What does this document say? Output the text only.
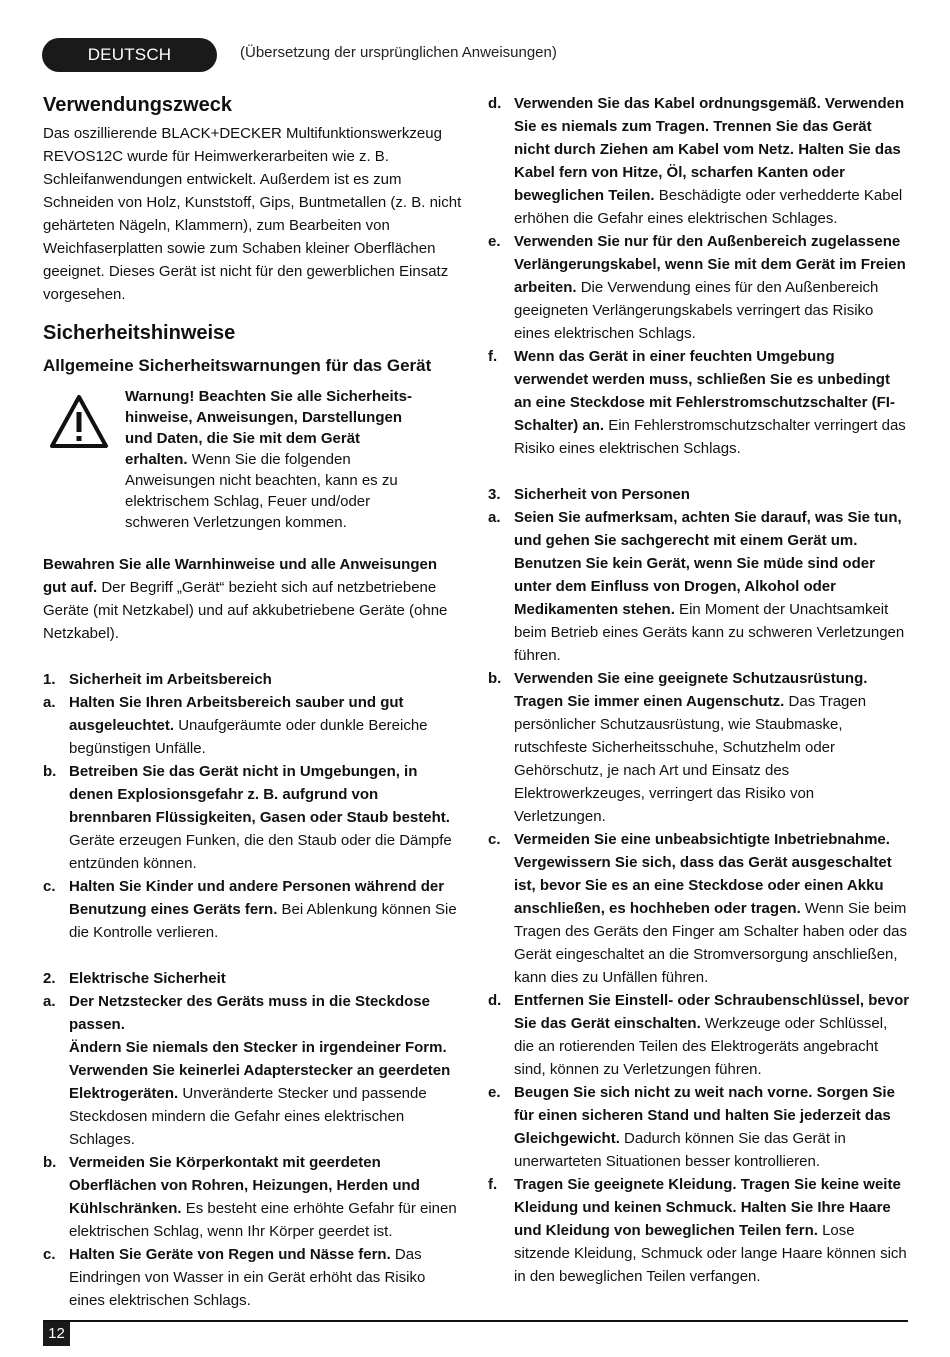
DEUTSCH	(Übersetzung der ursprünglichen Anweisungen)
Verwendungszweck

Das oszillierende BLACK+DECKER Multifunktionswerkzeug REVOS12C wurde für Heimwerkerarbeiten wie z. B. Schleifanwendungen entwickelt. Außerdem ist es zum Schneiden von Holz, Kunststoff, Gips, Buntmetallen (z. B. nicht gehärteten Nägeln, Klammern), zum Bearbeiten von Weichfaserplatten sowie zum Schaben kleiner Oberflächen geeignet. Dieses Gerät ist nicht für den gewerblichen Einsatz vorgesehen.

Sicherheitshinweise
Allgemeine Sicherheitswarnungen für das Gerät
Warnung! Beachten Sie alle Sicherheits-hinweise, Anweisungen, Darstellungen und Daten, die Sie mit dem Gerät erhalten. Wenn Sie die folgenden Anweisungen nicht beachten, kann es zu elektrischem Schlag, Feuer und/oder schweren Verletzungen kommen.

Bewahren Sie alle Warnhinweise und alle Anweisungen gut auf. Der Begriff „Gerät“ bezieht sich auf netzbetriebene Geräte (mit Netzkabel) und auf akkubetriebene Geräte (ohne Netzkabel).

1. Sicherheit im Arbeitsbereich
a. Halten Sie Ihren Arbeitsbereich sauber und gut ausgeleuchtet. Unaufgeräumte oder dunkle Bereiche begünstigen Unfälle.
b. Betreiben Sie das Gerät nicht in Umgebungen, in denen Explosionsgefahr z. B. aufgrund von brennbaren Flüssigkeiten, Gasen oder Staub besteht. Geräte erzeugen Funken, die den Staub oder die Dämpfe entzünden können.
c. Halten Sie Kinder und andere Personen während der Benutzung eines Geräts fern. Bei Ablenkung können Sie die Kontrolle verlieren.
2. Elektrische Sicherheit
a. Der Netzstecker des Geräts muss in die Steckdose passen.
Ändern Sie niemals den Stecker in irgendeiner Form. Verwenden Sie keinerlei Adapterstecker an geerdeten Elektrogeräten. Unveränderte Stecker und passende Steckdosen mindern die Gefahr eines elektrischen Schlages.
b. Vermeiden Sie Körperkontakt mit geerdeten Oberflächen von Rohren, Heizungen, Herden und Kühlschränken. Es besteht eine erhöhte Gefahr für einen elektrischen Schlag, wenn Ihr Körper geerdet ist.
c. Halten Sie Geräte von Regen und Nässe fern. Das Eindringen von Wasser in ein Gerät erhöht das Risiko eines elektrischen Schlags.
d. Verwenden Sie das Kabel ordnungsgemäß. Verwenden Sie es niemals zum Tragen. Trennen Sie das Gerät nicht durch Ziehen am Kabel vom Netz. Halten Sie das Kabel fern von Hitze, Öl, scharfen Kanten oder beweglichen Teilen. Beschädigte oder verhedderte Kabel erhöhen die Gefahr eines elektrischen Schlages.
e. Verwenden Sie nur für den Außenbereich zugelassene Verlängerungskabel, wenn Sie mit dem Gerät im Freien arbeiten. Die Verwendung eines für den Außenbereich geeigneten Verlängerungskabels verringert das Risiko eines elektrischen Schlags.
f.	Wenn das Gerät in einer feuchten Umgebung verwendet werden muss, schließen Sie es unbedingt an eine Steckdose mit Fehlerstromschutzschalter (FI-Schalter) an. Ein Fehlerstromschutzschalter verringert das Risiko eines elektrischen Schlags.
3. Sicherheit von Personen
a. Seien Sie aufmerksam, achten Sie darauf, was Sie tun, und gehen Sie sachgerecht mit einem Gerät um. Benutzen Sie kein Gerät, wenn Sie müde sind oder unter dem Einfluss von Drogen, Alkohol oder Medikamenten stehen. Ein Moment der Unachtsamkeit beim Betrieb eines Geräts kann zu schweren Verletzungen führen.
b. Verwenden Sie eine geeignete Schutzausrüstung. Tragen Sie immer einen Augenschutz. Das Tragen persönlicher Schutzausrüstung, wie Staubmaske, rutschfeste Sicherheitsschuhe, Schutzhelm oder Gehörschutz, je nach Art und Einsatz des Elektrowerkzeuges, verringert das Risiko von Verletzungen.
c. Vermeiden Sie eine unbeabsichtigte Inbetriebnahme. Vergewissern Sie sich, dass das Gerät ausgeschaltet ist, bevor Sie es an eine Steckdose oder einen Akku anschließen, es hochheben oder tragen. Wenn Sie beim Tragen des Geräts den Finger am Schalter haben oder das Gerät eingeschaltet an die Stromversorgung anschließen, kann dies zu Unfällen führen.
d. Entfernen Sie Einstell- oder Schraubenschlüssel, bevor Sie das Gerät einschalten. Werkzeuge oder Schlüssel, die an rotierenden Teilen des Elektrogeräts angebracht sind, können zu Verletzungen führen.
e. Beugen Sie sich nicht zu weit nach vorne. Sorgen Sie für einen sicheren Stand und halten Sie jederzeit das Gleichgewicht. Dadurch können Sie das Gerät in unerwarteten Situationen besser kontrollieren.
f.	Tragen Sie geeignete Kleidung. Tragen Sie keine weite Kleidung und keinen Schmuck. Halten Sie Ihre Haare und Kleidung von beweglichen Teilen fern. Lose sitzende Kleidung, Schmuck oder lange Haare können sich in den beweglichen Teilen verfangen.
12
